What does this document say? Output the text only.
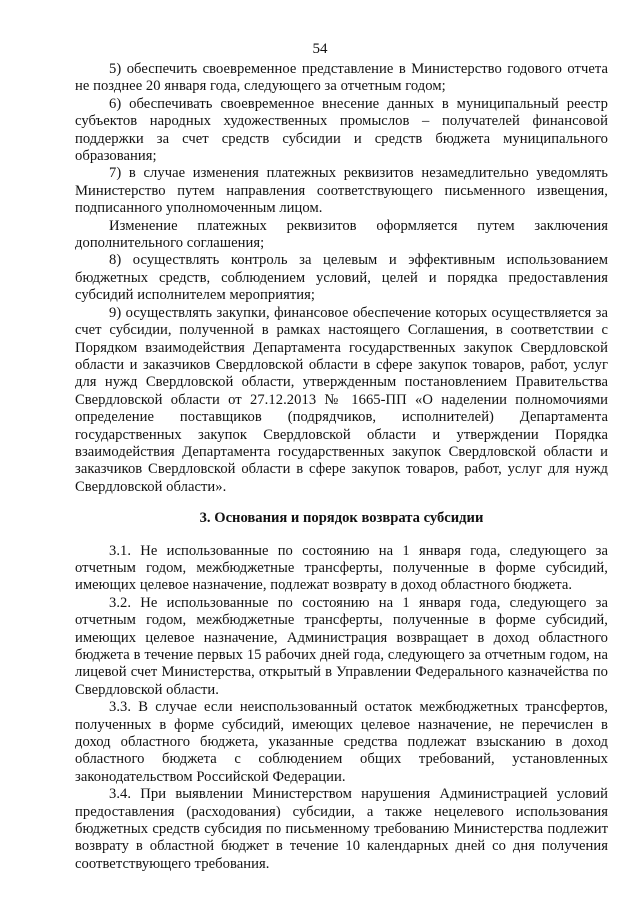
54

5) обеспечить своевременное представление в Министерство годового отчета не позднее 20 января года, следующего за отчетным годом;

6) обеспечивать своевременное внесение данных в муниципальный реестр субъектов народных художественных промыслов – получателей финансовой поддержки за счет средств субсидии и средств бюджета муниципального образования;

7) в случае изменения платежных реквизитов незамедлительно уведомлять Министерство путем направления соответствующего письменного извещения, подписанного уполномоченным лицом.

Изменение платежных реквизитов оформляется путем заключения дополнительного соглашения;

8) осуществлять контроль за целевым и эффективным использованием бюджетных средств, соблюдением условий, целей и порядка предоставления субсидий исполнителем мероприятия;

9) осуществлять закупки, финансовое обеспечение которых осуществляется за счет субсидии, полученной в рамках настоящего Соглашения, в соответствии с Порядком взаимодействия Департамента государственных закупок Свердловской области и заказчиков Свердловской области в сфере закупок товаров, работ, услуг для нужд Свердловской области, утвержденным постановлением Правительства Свердловской области от 27.12.2013 № 1665-ПП «О наделении полномочиями определение поставщиков (подрядчиков, исполнителей) Департамента государственных закупок Свердловской области и утверждении Порядка взаимодействия Департамента государственных закупок Свердловской области и заказчиков Свердловской области в сфере закупок товаров, работ, услуг для нужд Свердловской области».

3. Основания и порядок возврата субсидии

3.1. Не использованные по состоянию на 1 января года, следующего за отчетным годом, межбюджетные трансферты, полученные в форме субсидий, имеющих целевое назначение, подлежат возврату в доход областного бюджета.

3.2. Не использованные по состоянию на 1 января года, следующего за отчетным годом, межбюджетные трансферты, полученные в форме субсидий, имеющих целевое назначение, Администрация возвращает в доход областного бюджета в течение первых 15 рабочих дней года, следующего за отчетным годом, на лицевой счет Министерства, открытый в Управлении Федерального казначейства по Свердловской области.

3.3. В случае если неиспользованный остаток межбюджетных трансфертов, полученных в форме субсидий, имеющих целевое назначение, не перечислен в доход областного бюджета, указанные средства подлежат взысканию в доход областного бюджета с соблюдением общих требований, установленных законодательством Российской Федерации.

3.4. При выявлении Министерством нарушения Администрацией условий предоставления (расходования) субсидии, а также нецелевого использования бюджетных средств субсидия по письменному требованию Министерства подлежит возврату в областной бюджет в течение 10 календарных дней со дня получения соответствующего требования.
